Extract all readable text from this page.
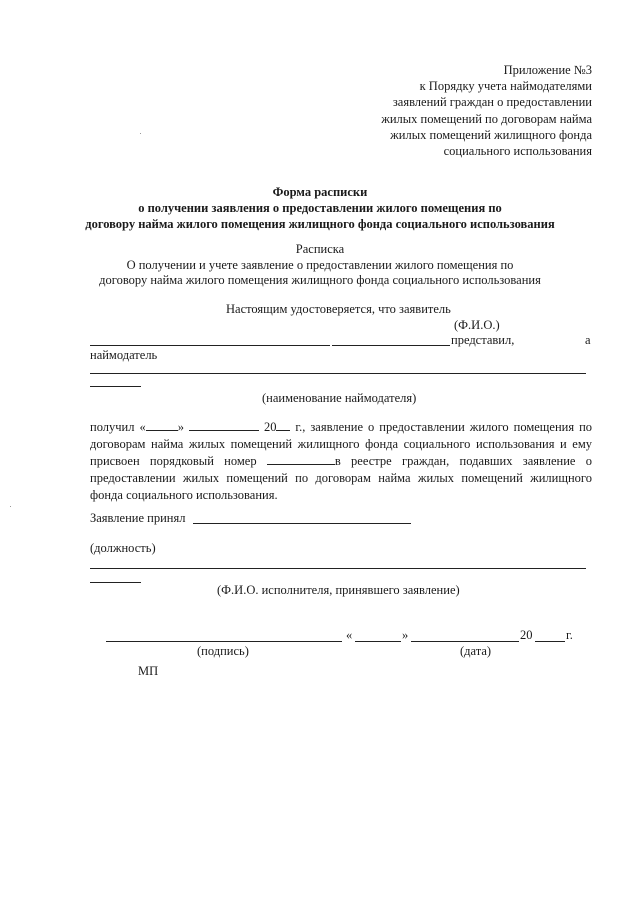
Приложение №3
к Порядку учета наймодателями
заявлений граждан о предоставлении
жилых помещений по договорам найма
жилых помещений жилищного фонда
социального использования
Форма расписки
о получении заявления о предоставлении жилого помещения по
договору найма жилого помещения жилищного фонда социального использования
Расписка
О получении и учете заявление о предоставлении жилого помещения по
договору найма жилого помещения жилищного фонда социального использования
Настоящим удостоверяется, что заявитель
(Ф.И.О.)
представил,	а
наймодатель
(наименование наймодателя)
получил «	»	20 г., заявление о предоставлении жилого помещения по договорам найма жилых помещений жилищного фонда социального использования и ему присвоен порядковый номер	в реестре граждан, подавших заявление о предоставлении жилых помещений по договорам найма жилых помещений жилищного фонда социального использования.
Заявление принял
(должность)
(Ф.И.О. исполнителя, принявшего заявление)
«	»	20	г.
(подпись)	(дата)
МП
